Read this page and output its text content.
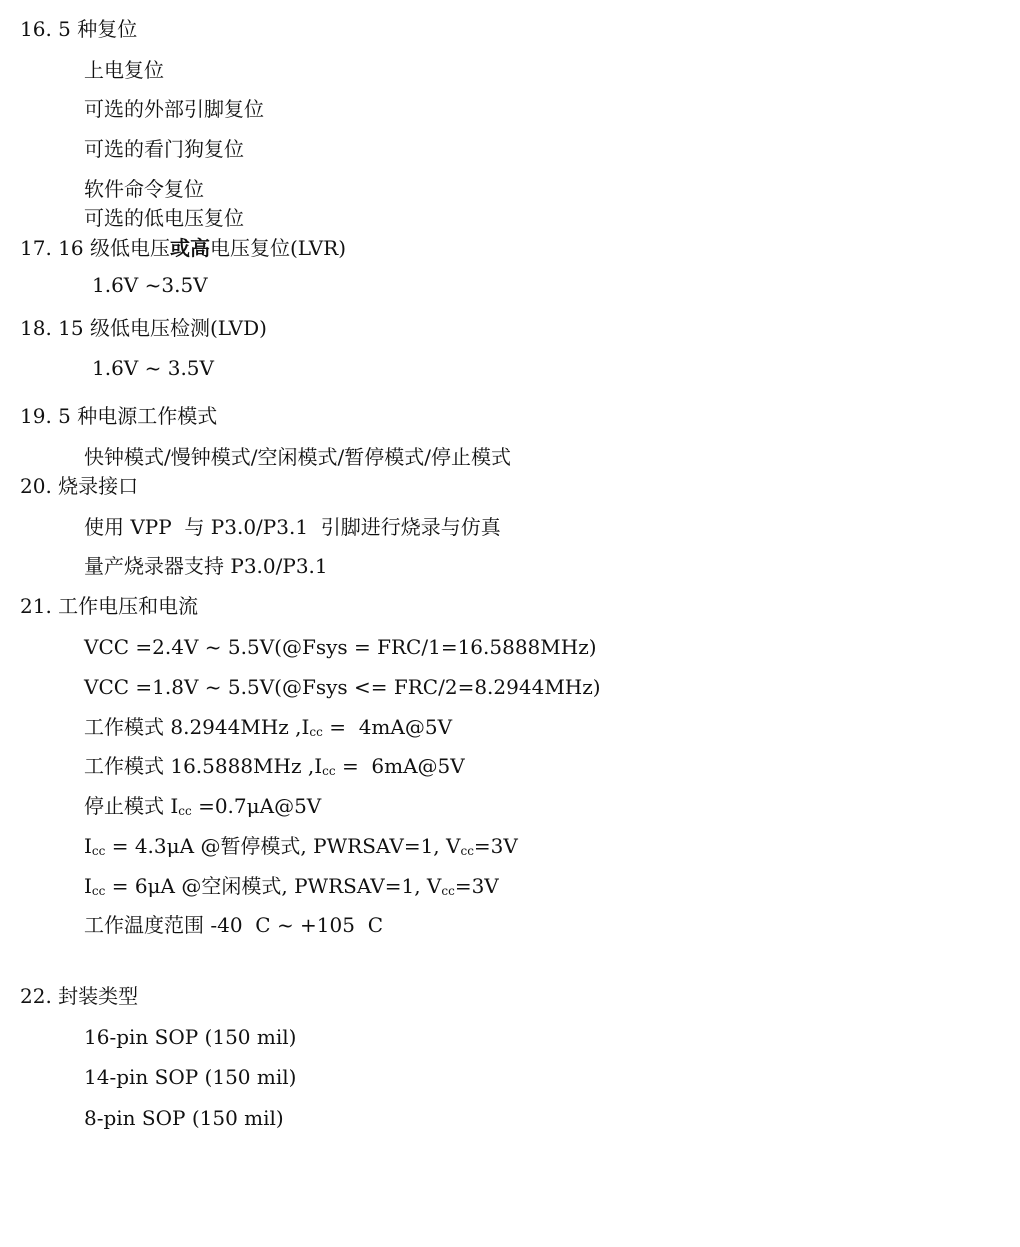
16. 5 种复位
上电复位
可选的外部引脚复位
可选的看门狗复位
软件命令复位
可选的低电压复位
17. 16 级低电压或高电压复位(LVR)
1.6V ~3.5V
18. 15 级低电压检测(LVD)
1.6V ~ 3.5V
19. 5 种电源工作模式
快钟模式/慢钟模式/空闲模式/暂停模式/停止模式
20. 烧录接口
使用 VPP  与 P3.0/P3.1  引脚进行烧录与仿真
量产烧录器支持 P3.0/P3.1
21. 工作电压和电流
VCC =2.4V ~ 5.5V(@Fsys = FRC/1=16.5888MHz)
VCC =1.8V ~ 5.5V(@Fsys <= FRC/2=8.2944MHz)
工作模式 8.2944MHz ,Icc =  4mA@5V
工作模式 16.5888MHz ,Icc =  6mA@5V
停止模式 Icc =0.7μA@5V
Icc = 4.3μA @暂停模式, PWRSAV=1, Vcc=3V
Icc = 6μA @空闲模式, PWRSAV=1, Vcc=3V
工作温度范围 -40  C ~ +105  C
22. 封装类型
16-pin SOP (150 mil)
14-pin SOP (150 mil)
8-pin SOP (150 mil)
